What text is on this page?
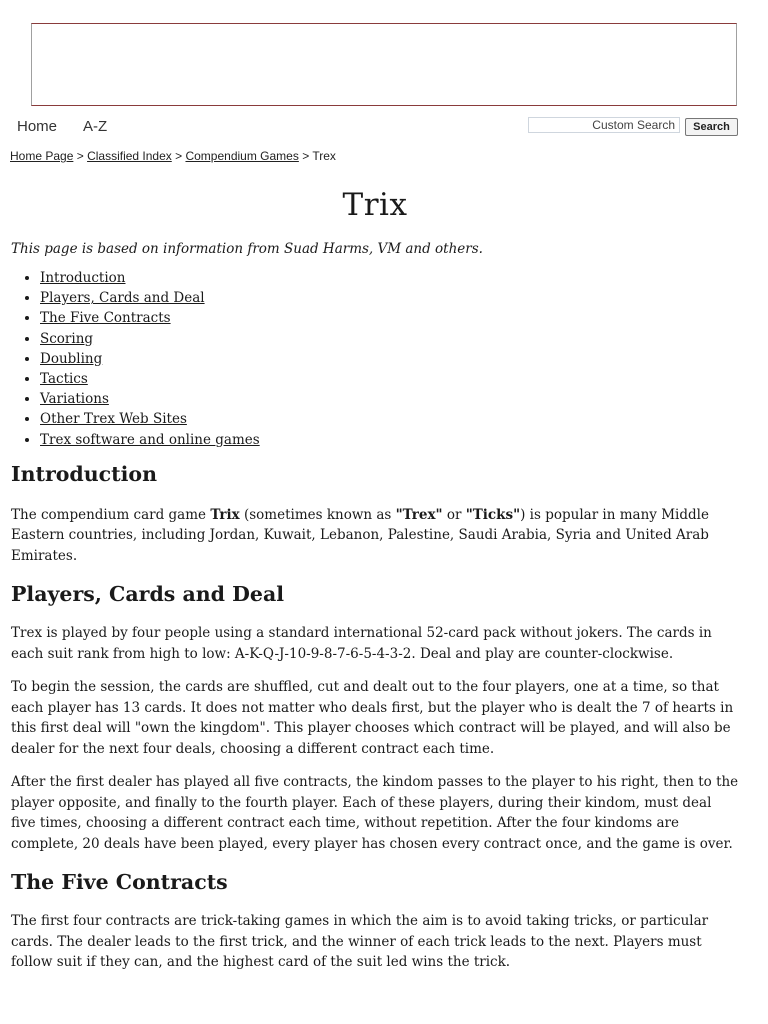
Home A-Z	Custom Search	Search
Home Page > Classified Index > Compendium Games > Trex
Trix

This page is based on information from Suad Harms, VM and others.

• Introduction
• Players, Cards and Deal
• The Five Contracts
• Scoring
• Doubling
• Tactics
• Variations
• Other Trex Web Sites
• Trex software and online games
Introduction

The compendium card game Trix (sometimes known as "Trex" or "Ticks") is popular in many Middle Eastern countries, including Jordan, Kuwait, Lebanon, Palestine, Saudi Arabia, Syria and United Arab Emirates.

Players, Cards and Deal

Trex is played by four people using a standard international 52-card pack without jokers. The cards in each suit rank from high to low: A-K-Q-J-10-9-8-7-6-5-4-3-2. Deal and play are counter-clockwise.

To begin the session, the cards are shuffled, cut and dealt out to the four players, one at a time, so that each player has 13 cards. It does not matter who deals first, but the player who is dealt the 7 of hearts in this first deal will "own the kingdom". This player chooses which contract will be played, and will also be dealer for the next four deals, choosing a different contract each time.

After the first dealer has played all five contracts, the kindom passes to the player to his right, then to the player opposite, and finally to the fourth player. Each of these players, during their kindom, must deal five times, choosing a different contract each time, without repetition. After the four kindoms are complete, 20 deals have been played, every player has chosen every contract once, and the game is over.

The Five Contracts

The first four contracts are trick-taking games in which the aim is to avoid taking tricks, or particular cards. The dealer leads to the first trick, and the winner of each trick leads to the next. Players must follow suit if they can, and the highest card of the suit led wins the trick.
